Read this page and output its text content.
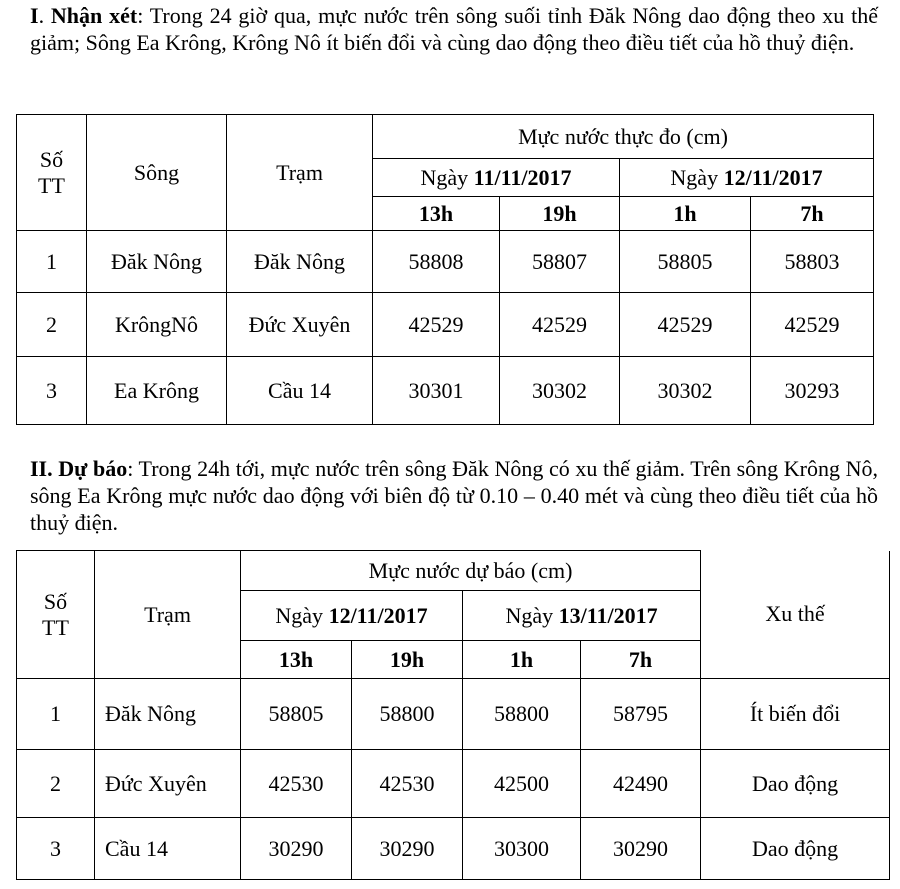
I. Nhận xét: Trong 24 giờ qua, mực nước trên sông suối tỉnh Đăk Nông dao động theo xu thế giảm; Sông Ea Krông, Krông Nô ít biến đổi và cùng dao động theo điều tiết của hồ thuỷ điện.
Số TT	Sông	Trạm	Mực nước thực đo (cm)			
			Ngày 11/11/2017		Ngày 12/11/2017	
			13h	19h	1h	7h
1	Đăk Nông	Đăk Nông	58808	58807	58805	58803
2	KrôngNô	Đức Xuyên	42529	42529	42529	42529
3	Ea Krông	Cầu 14	30301	30302	30302	30293
II. Dự báo: Trong 24h tới, mực nước trên sông Đăk Nông có xu thế giảm. Trên sông Krông Nô, sông Ea Krông mực nước dao động với biên độ từ 0.10 – 0.40 mét và cùng theo điều tiết của hồ thuỷ điện.
Số TT	Trạm	Mực nước dự báo (cm)				Xu thế
		Ngày 12/11/2017		Ngày 13/11/2017		
		13h	19h	1h	7h	
1	Đăk Nông	58805	58800	58800	58795	Ít biến đổi
2	Đức Xuyên	42530	42530	42500	42490	Dao động
3	Cầu 14	30290	30290	30300	30290	Dao động
